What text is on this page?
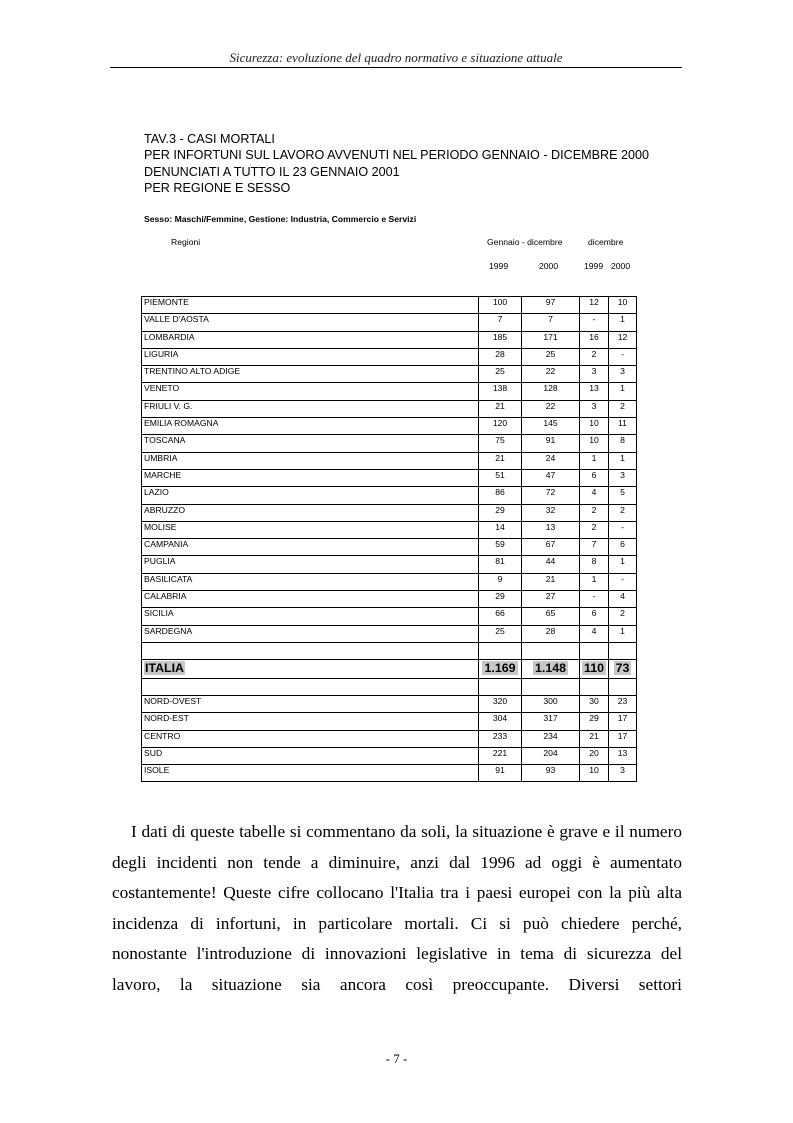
Sicurezza: evoluzione del quadro normativo e situazione attuale
TAV.3 - CASI MORTALI
PER INFORTUNI SUL LAVORO AVVENUTI NEL PERIODO GENNAIO - DICEMBRE 2000
DENUNCIATI A TUTTO IL 23 GENNAIO 2001
PER REGIONE E SESSO
Sesso: Maschi/Femmine, Gestione: Industria, Commercio e Servizi
Regioni	Gennaio - dicembre	dicembre
1999	2000	1999 2000
PIEMONTE	100	97	12	10
VALLE D'AOSTA	7	7	-	1
LOMBARDIA	185	171	16	12
LIGURIA	28	25	2	-
TRENTINO ALTO ADIGE	25	22	3	3
VENETO	138	128	13	1
FRIULI V. G.	21	22	3	2
EMILIA ROMAGNA	120	145	10	11
TOSCANA	75	91	10	8
UMBRIA	21	24	1	1
MARCHE	51	47	6	3
LAZIO	86	72	4	5
ABRUZZO	29	32	2	2
MOLISE	14	13	2	-
CAMPANIA	59	67	7	6
PUGLIA	81	44	8	1
BASILICATA	9	21	1	-
CALABRIA	29	27	-	4
SICILIA	66	65	6	2
SARDEGNA	25	28	4	1

ITALIA	1.169	1.148	110	73

NORD-OVEST	320	300	30	23
NORD-EST	304	317	29	17
CENTRO	233	234	21	17
SUD	221	204	20	13
ISOLE	91	93	10	3
I dati di queste tabelle si commentano da soli, la situazione è grave e il numero
degli incidenti non tende a diminuire, anzi dal 1996 ad oggi è aumentato
costantemente! Queste cifre collocano l'Italia tra i paesi europei con la più alta
incidenza di infortuni, in particolare mortali. Ci si può chiedere perché,
nonostante l'introduzione di innovazioni legislative in tema di sicurezza del
lavoro, la situazione sia ancora così preoccupante. Diversi settori
- 7 -
